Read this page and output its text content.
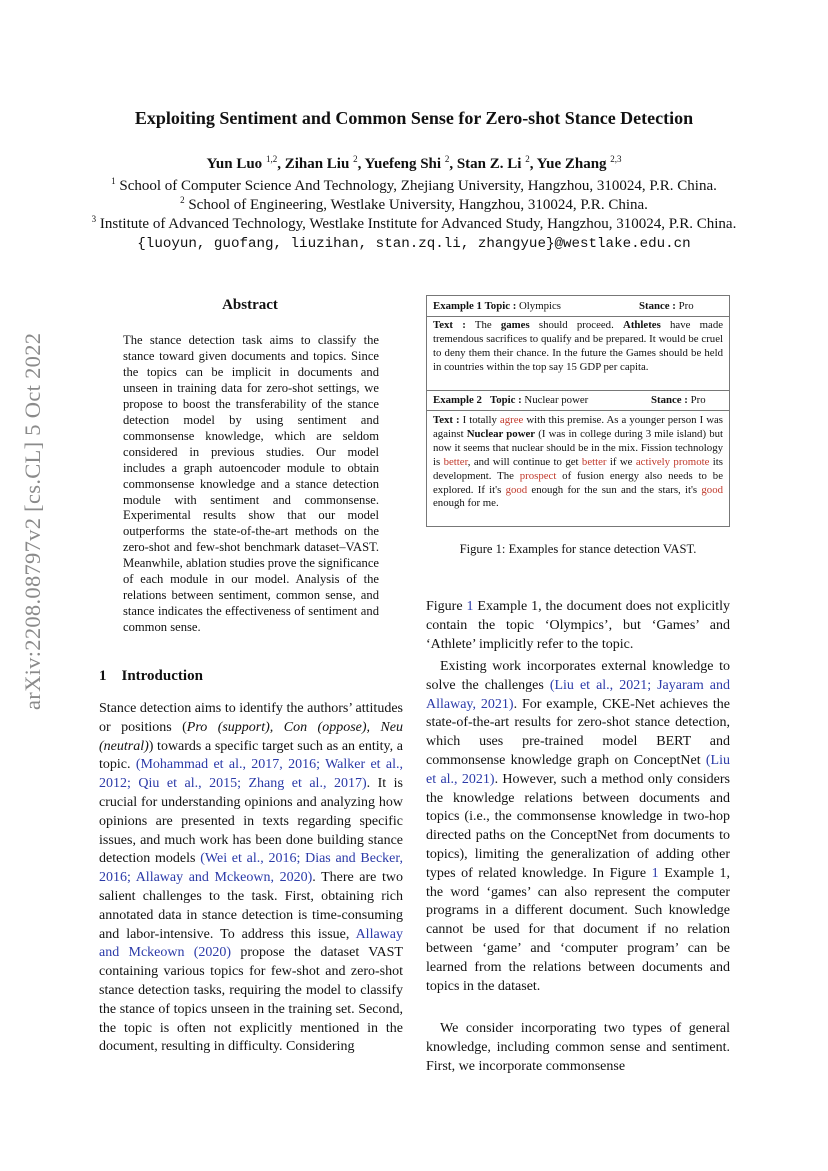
arXiv:2208.08797v2 [cs.CL] 5 Oct 2022
Exploiting Sentiment and Common Sense for Zero-shot Stance Detection
Yun Luo $^{1,2}$, Zihan Liu $^2$, Yuefeng Shi $^2$, Stan Z. Li $^2$, Yue Zhang $^{2,3}$
$^1$ School of Computer Science And Technology, Zhejiang University, Hangzhou, 310024, P.R. China.
$^2$ School of Engineering, Westlake University, Hangzhou, 310024, P.R. China.
$^3$ Institute of Advanced Technology, Westlake Institute for Advanced Study, Hangzhou, 310024, P.R. China.
{luoyun, guofang, liuzihan, stan.zq.li, zhangyue}@westlake.edu.cn
Abstract
The stance detection task aims to classify the stance toward given documents and topics. Since the topics can be implicit in documents and unseen in training data for zero-shot settings, we propose to boost the transferability of the stance detection model by using sentiment and commonsense knowledge, which are seldom considered in previous studies. Our model includes a graph autoencoder module to obtain commonsense knowledge and a stance detection module with sentiment and commonsense. Experimental results show that our model outperforms the state-of-the-art methods on the zero-shot and few-shot benchmark dataset–VAST. Meanwhile, ablation studies prove the significance of each module in our model. Analysis of the relations between sentiment, common sense, and stance indicates the effectiveness of sentiment and common sense.
1 Introduction
Stance detection aims to identify the authors’ attitudes or positions (Pro (support), Con (oppose), Neu (neutral)) towards a specific target such as an entity, a topic. (Mohammad et al., 2017, 2016; Walker et al., 2012; Qiu et al., 2015; Zhang et al., 2017). It is crucial for understanding opinions and analyzing how opinions are presented in texts regarding specific issues, and much work has been done building stance detection models (Wei et al., 2016; Dias and Becker, 2016; Allaway and Mckeown, 2020). There are two salient challenges to the task. First, obtaining rich annotated data in stance detection is time-consuming and labor-intensive. To address this issue, Allaway and Mckeown (2020) propose the dataset VAST containing various topics for few-shot and zero-shot stance detection tasks, requiring the model to classify the stance of topics unseen in the training set. Second, the topic is often not explicitly mentioned in the document, resulting in difficulty. Considering
Example 1 Topic : Olympics	Stance : Pro
Text : The games should proceed. Athletes have made tremendous sacrifices to qualify and be prepared. It would be cruel to deny them their chance. In the future the Games should be held in countries within the top say 15 GDP per capita.
Example 2 Topic : Nuclear power	Stance : Pro
Text : I totally agree with this premise. As a younger person I was against Nuclear power (I was in college during 3 mile island) but now it seems that nuclear should be in the mix. Fission technology is better, and will continue to get better if we actively promote its development. The prospect of fusion energy also needs to be explored. If it's good enough for the sun and the stars, it's good enough for me.
Figure 1: Examples for stance detection VAST.
Figure 1 Example 1, the document does not explicitly contain the topic ‘Olympics’, but ‘Games’ and ‘Athlete’ implicitly refer to the topic.
Existing work incorporates external knowledge to solve the challenges (Liu et al., 2021; Jayaram and Allaway, 2021). For example, CKE-Net achieves the state-of-the-art results for zero-shot stance detection, which uses pre-trained model BERT and commonsense knowledge graph on ConceptNet (Liu et al., 2021). However, such a method only considers the knowledge relations between documents and topics (i.e., the commonsense knowledge in two-hop directed paths on the ConceptNet from documents to topics), limiting the generalization of adding other types of related knowledge. In Figure 1 Example 1, the word ‘games’ can also represent the computer programs in a different document. Such knowledge cannot be used for that document if no relation between ‘game’ and ‘computer program’ can be learned from the relations between documents and topics in the dataset.
We consider incorporating two types of general knowledge, including common sense and sentiment. First, we incorporate commonsense
